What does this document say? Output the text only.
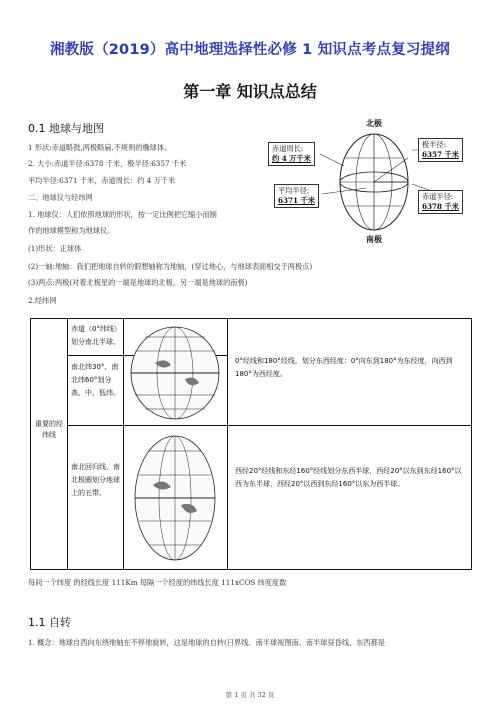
湘教版（2019）高中地理选择性必修 1 知识点考点复习提纲
第一章 知识点总结
0.1 地球与地图
1 形状:赤道略鼓,两极略扁,不规则的椭球体。
2. 大小:赤道半径:6378 千米，极半径:6357 千米
平均半径:6371 千米，赤道周长：约 4 万千米
二、地球仪与经纬网
1. 地球仪：人们依照地球的形状，按一定比例把它缩小而制
作的地球模型称为地球仪。
(1)形状：正球体
(2)一轴:地轴：我们把地球自转的假想轴称为地轴，(穿过地心，与地球表面相交于两极点)
(3)两点:两极(对着北极星的一端是地球的北极，另一端是地球的南极)
2.经纬网
北极
南极
赤道周长:
约 4 万千米
极半径:
6357 千米
平均半径:
6371 千米	赤道半径:
6378 千米
重要的经纬线
赤道（0°纬线）划分南北半球。
南北纬30°、南北纬60°划分高、中、低纬。
南北回归线、南北极圈划分地球上的五带。
0°经线和180°经线，划分东西经度：0°向东到180°为东经度，向西到180°为西经度。
西经20°经线和东经160°经线划分东西半球，西经20°以东到东经160°以西为东半球，西经20°以西到东经160°以东为西半球。
每间一个纬度 的经线长度 111Km 每隔一个经度的纬线长度 111xCOS 纬度度数
1.1 自转
1. 概念：地球自西向东绕地轴在不停地旋转，这是地球的自转(日界线、南半球视图南、南半球昼昏线、东西都是
第 1 页 共 32 页
